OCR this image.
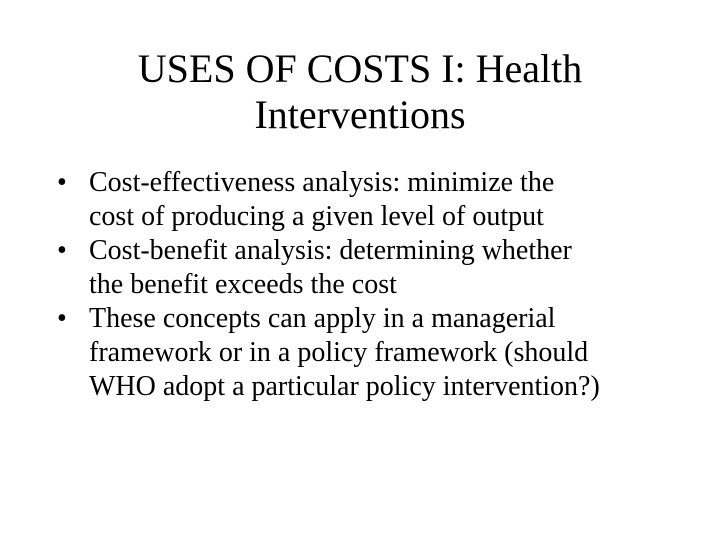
USES OF COSTS I: Health
Interventions
• Cost-effectiveness analysis: minimize the
cost of producing a given level of output
• Cost-benefit analysis: determining whether
the benefit exceeds the cost
• These concepts can apply in a managerial
framework or in a policy framework (should
WHO adopt a particular policy intervention?)
